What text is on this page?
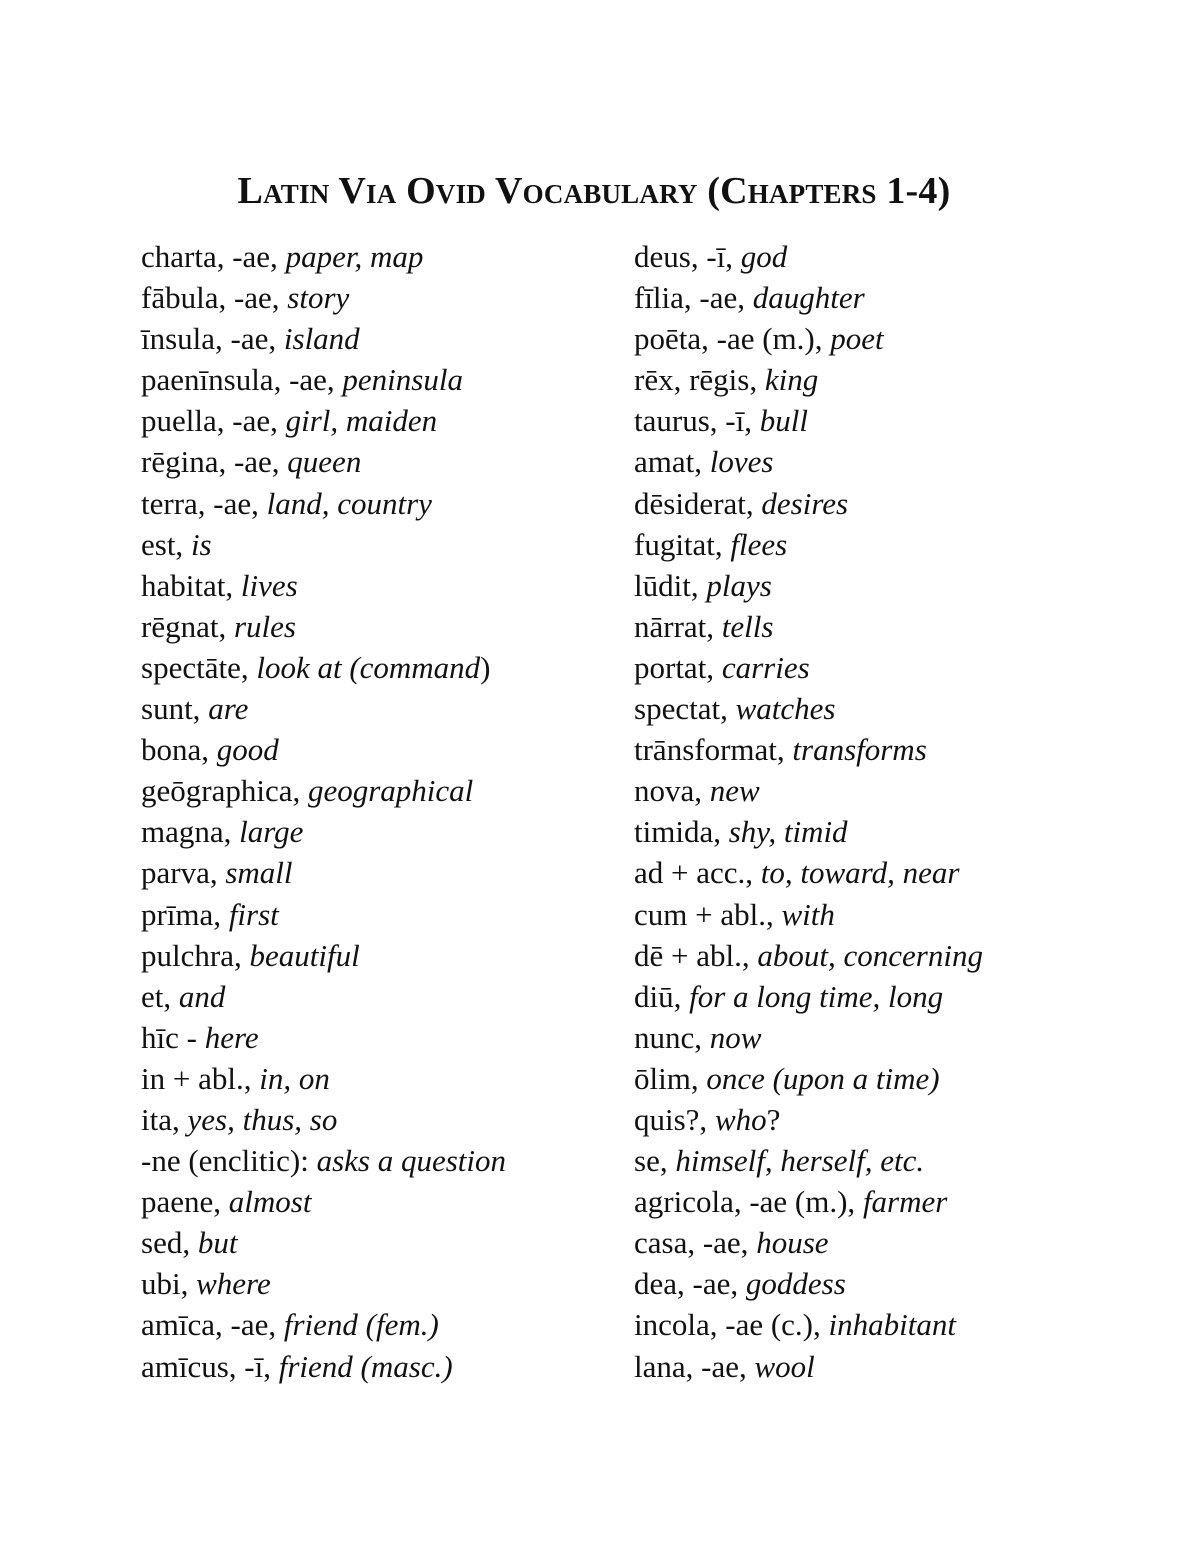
Latin Via Ovid Vocabulary (Chapters 1-4)
charta, -ae, paper, map
fābula, -ae, story
īnsula, -ae, island
paenīnsula, -ae, peninsula
puella, -ae, girl, maiden
rēgina, -ae, queen
terra, -ae, land, country
est, is
habitat, lives
rēgnat, rules
spectāte, look at (command)
sunt, are
bona, good
geōgraphica, geographical
magna, large
parva, small
prīma, first
pulchra, beautiful
et, and
hīc - here
in + abl., in, on
ita, yes, thus, so
-ne (enclitic): asks a question
paene, almost
sed, but
ubi, where
amīca, -ae, friend (fem.)
amīcus, -ī, friend (masc.)
deus, -ī, god
fīlia, -ae, daughter
poēta, -ae (m.), poet
rēx, rēgis, king
taurus, -ī, bull
amat, loves
dēsiderat, desires
fugitat, flees
lūdit, plays
nārrat, tells
portat, carries
spectat, watches
trānsformat, transforms
nova, new
timida, shy, timid
ad + acc., to, toward, near
cum + abl., with
dē + abl., about, concerning
diū, for a long time, long
nunc, now
ōlim, once (upon a time)
quis?, who?
se, himself, herself, etc.
agricola, -ae (m.), farmer
casa, -ae, house
dea, -ae, goddess
incola, -ae (c.), inhabitant
lana, -ae, wool
